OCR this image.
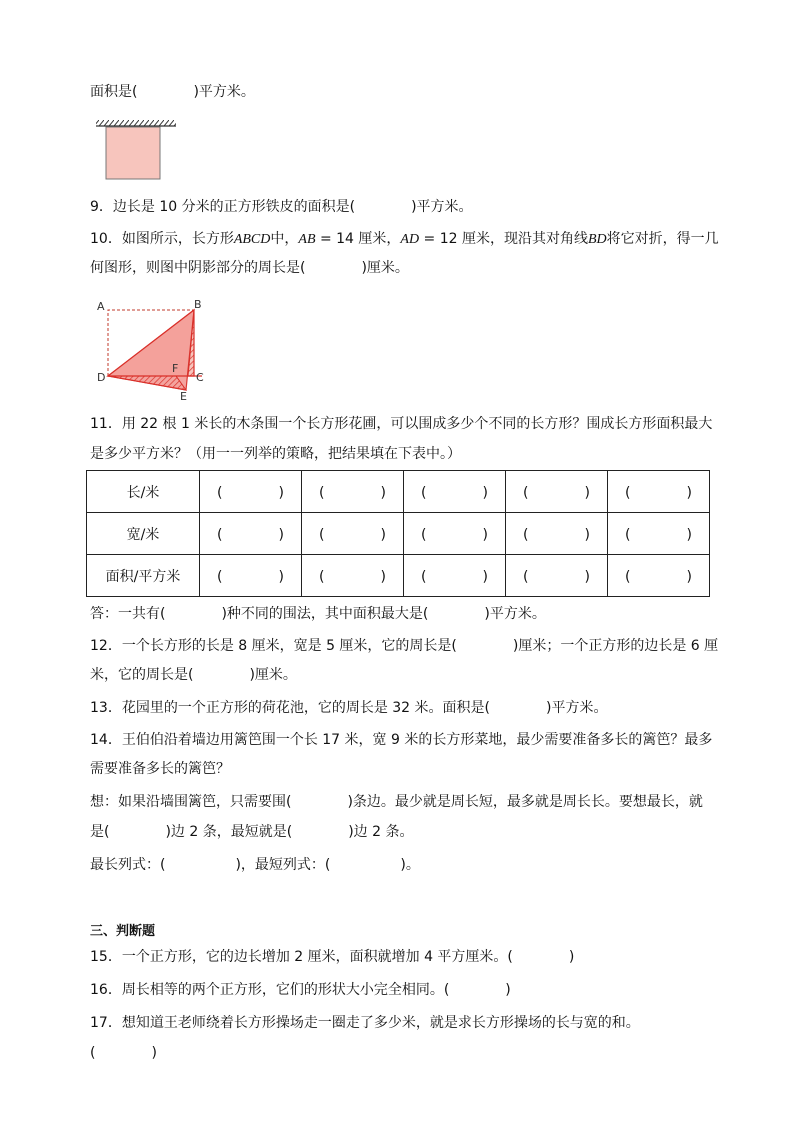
面积是(　　　　)平方米。
9．边长是 10 分米的正方形铁皮的面积是(　　　　)平方米。
10．如图所示，长方形ABCD中，AB = 14 厘米，AD = 12 厘米，现沿其对角线BD将它对折，得一几
何图形，则图中阴影部分的周长是(　　　　)厘米。
A	B
C
D
E
F
11．用 22 根 1 米长的木条围一个长方形花圃，可以围成多少个不同的长方形？围成长方形面积最大
是多少平方米？（用一一列举的策略，把结果填在下表中。）
长/米	(　　　　)	(　　　　)	(　　　　)	(　　　　)	(　　　　)
宽/米	(　　　　)	(　　　　)	(　　　　)	(　　　　)	(　　　　)
面积/平方米	(　　　　)	(　　　　)	(　　　　)	(　　　　)	(　　　　)
答：一共有(　　　　)种不同的围法，其中面积最大是(　　　　)平方米。
12．一个长方形的长是 8 厘米，宽是 5 厘米，它的周长是(　　　　)厘米；一个正方形的边长是 6 厘
米，它的周长是(　　　　)厘米。
13．花园里的一个正方形的荷花池，它的周长是 32 米。面积是(　　　　)平方米。
14．王伯伯沿着墙边用篱笆围一个长 17 米，宽 9 米的长方形菜地，最少需要准备多长的篱笆？最多
需要准备多长的篱笆？
想：如果沿墙围篱笆，只需要围(　　　　)条边。最少就是周长短，最多就是周长长。要想最长，就
是(　　　　)边 2 条，最短就是(　　　　)边 2 条。
最长列式：(　　　　　)，最短列式：(　　　　　)。
三、判断题
15．一个正方形，它的边长增加 2 厘米，面积就增加 4 平方厘米。(　　　　)
16．周长相等的两个正方形，它们的形状大小完全相同。(　　　　)
17．想知道王老师绕着长方形操场走一圈走了多少米，就是求长方形操场的长与宽的和。
(　　　　)
